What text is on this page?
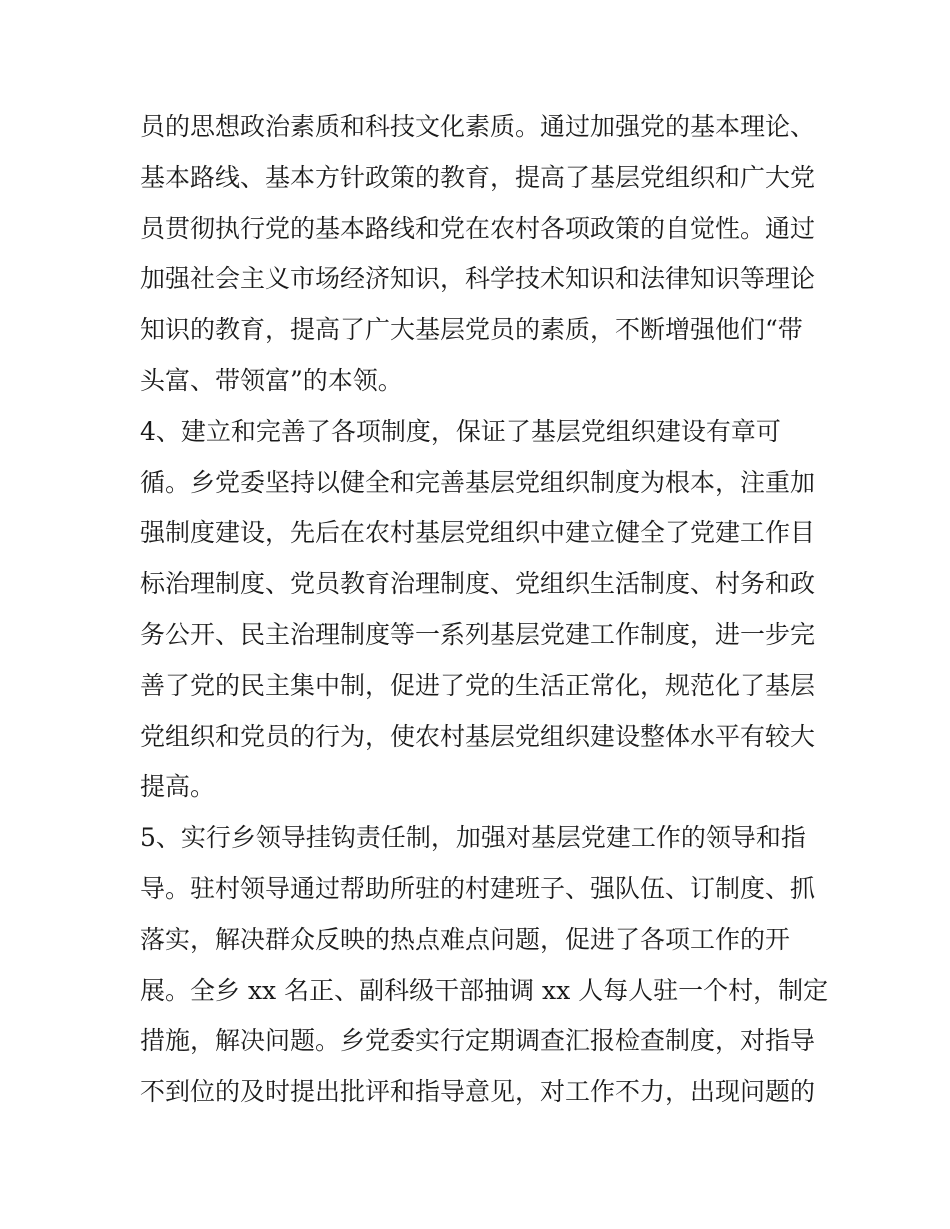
员的思想政治素质和科技文化素质。通过加强党的基本理论、
基本路线、基本方针政策的教育，提高了基层党组织和广大党
员贯彻执行党的基本路线和党在农村各项政策的自觉性。通过
加强社会主义市场经济知识，科学技术知识和法律知识等理论
知识的教育，提高了广大基层党员的素质，不断增强他们“带
头富、带领富”的本领。
4、建立和完善了各项制度，保证了基层党组织建设有章可
循。乡党委坚持以健全和完善基层党组织制度为根本，注重加
强制度建设，先后在农村基层党组织中建立健全了党建工作目
标治理制度、党员教育治理制度、党组织生活制度、村务和政
务公开、民主治理制度等一系列基层党建工作制度，进一步完
善了党的民主集中制，促进了党的生活正常化，规范化了基层
党组织和党员的行为，使农村基层党组织建设整体水平有较大
提高。
5、实行乡领导挂钩责任制，加强对基层党建工作的领导和指
导。驻村领导通过帮助所驻的村建班子、强队伍、订制度、抓
落实，解决群众反映的热点难点问题，促进了各项工作的开
展。全乡 xx 名正、副科级干部抽调 xx 人每人驻一个村，制定
措施，解决问题。乡党委实行定期调查汇报检查制度，对指导
不到位的及时提出批评和指导意见，对工作不力，出现问题的
